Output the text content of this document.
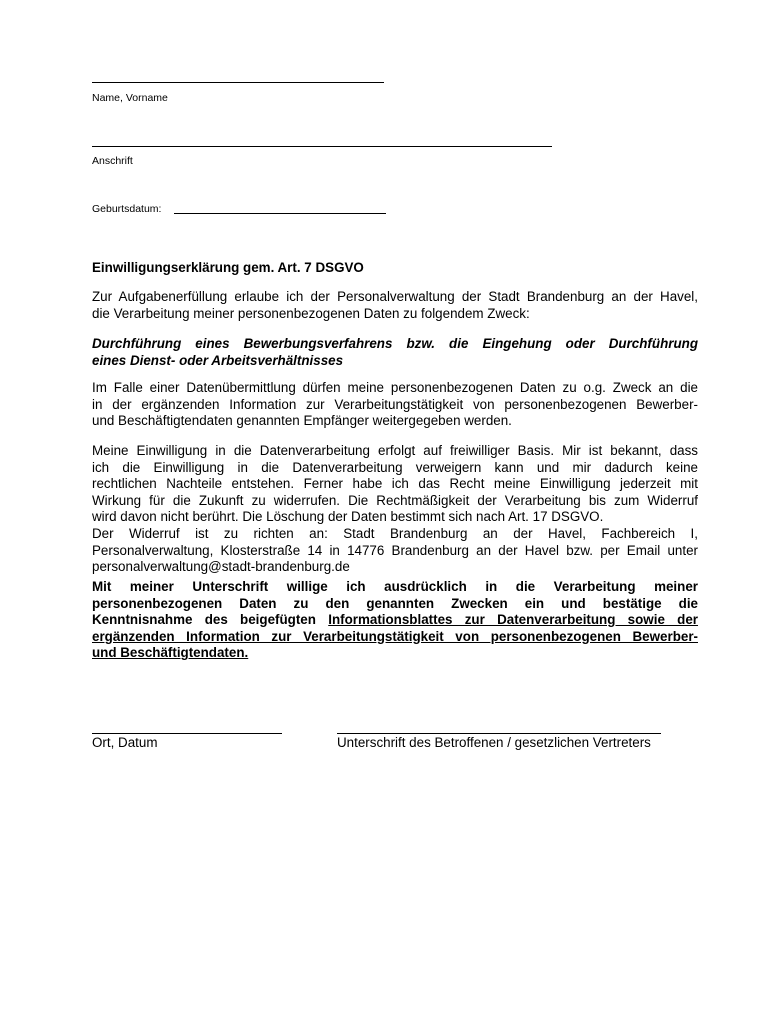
Name, Vorname

Anschrift

Geburtsdatum:

Einwilligungserklärung gem. Art. 7 DSGVO

Zur Aufgabenerfüllung erlaube ich der Personalverwaltung der Stadt Brandenburg an der Havel,
die Verarbeitung meiner personenbezogenen Daten zu folgendem Zweck:

Durchführung eines Bewerbungsverfahrens bzw. die Eingehung oder Durchführung
eines Dienst- oder Arbeitsverhältnisses

Im Falle einer Datenübermittlung dürfen meine personenbezogenen Daten zu o.g. Zweck an die
in der ergänzenden Information zur Verarbeitungstätigkeit von personenbezogenen Bewerber-
und Beschäftigtendaten genannten Empfänger weitergegeben werden.

Meine Einwilligung in die Datenverarbeitung erfolgt auf freiwilliger Basis. Mir ist bekannt, dass
ich die Einwilligung in die Datenverarbeitung verweigern kann und mir dadurch keine
rechtlichen Nachteile entstehen. Ferner habe ich das Recht meine Einwilligung jederzeit mit
Wirkung für die Zukunft zu widerrufen. Die Rechtmäßigkeit der Verarbeitung bis zum Widerruf
wird davon nicht berührt. Die Löschung der Daten bestimmt sich nach Art. 17 DSGVO.
Der Widerruf ist zu richten an: Stadt Brandenburg an der Havel, Fachbereich I,
Personalverwaltung, Klosterstraße 14 in 14776 Brandenburg an der Havel bzw. per Email unter
personalverwaltung@stadt-brandenburg.de

Mit meiner Unterschrift willige ich ausdrücklich in die Verarbeitung meiner
personenbezogenen Daten zu den genannten Zwecken ein und bestätige die
Kenntnisnahme des beigefügten Informationsblattes zur Datenverarbeitung sowie der
ergänzenden Information zur Verarbeitungstätigkeit von personenbezogenen Bewerber-
und Beschäftigtendaten.

Ort, Datum	Unterschrift des Betroffenen / gesetzlichen Vertreters
